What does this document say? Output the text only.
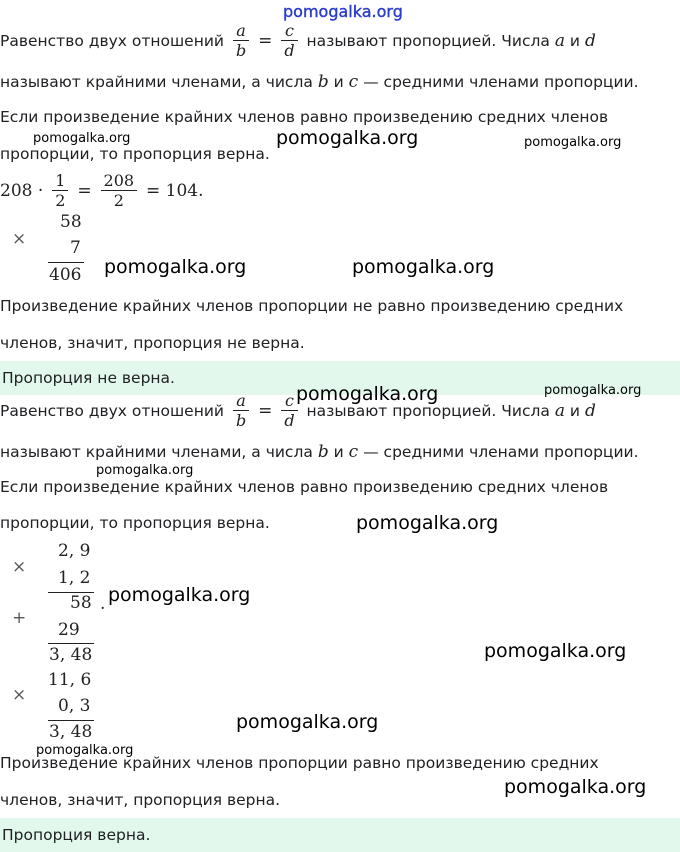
pomogalka.org
Равенство двух отношений $\frac{a}{b} = \frac{c}{d}$ называют пропорцией. Числа a и d
называют крайними членами, а числа b и c — средними членами пропорции.
Если произведение крайних членов равно произведению средних членов
пропорции, то пропорция верна.
$208 \cdot \frac{1}{2} = \frac{208}{2} = 104$.
×
58
7
406
Произведение крайних членов пропорции не равно произведению средних
членов, значит, пропорция не верна.
Пропорция не верна.
Равенство двух отношений $\frac{a}{b} = \frac{c}{d}$ называют пропорцией. Числа a и d
называют крайними членами, а числа b и c — средними членами пропорции.
Если произведение крайних членов равно произведению средних членов
пропорции, то пропорция верна.
×
2, 9
1, 2
58
+
.
29
3, 48
×
11, 6
0, 3
3, 48
Произведение крайних членов пропорции равно произведению средних
членов, значит, пропорция верна.
Пропорция верна.
pomogalka.org	pomogalka.org	pomogalka.org
pomogalka.org	pomogalka.org
pomogalka.org	pomogalka.org
pomogalka.org
pomogalka.org
pomogalka.org
pomogalka.org
pomogalka.org
pomogalka.org
pomogalka.org
